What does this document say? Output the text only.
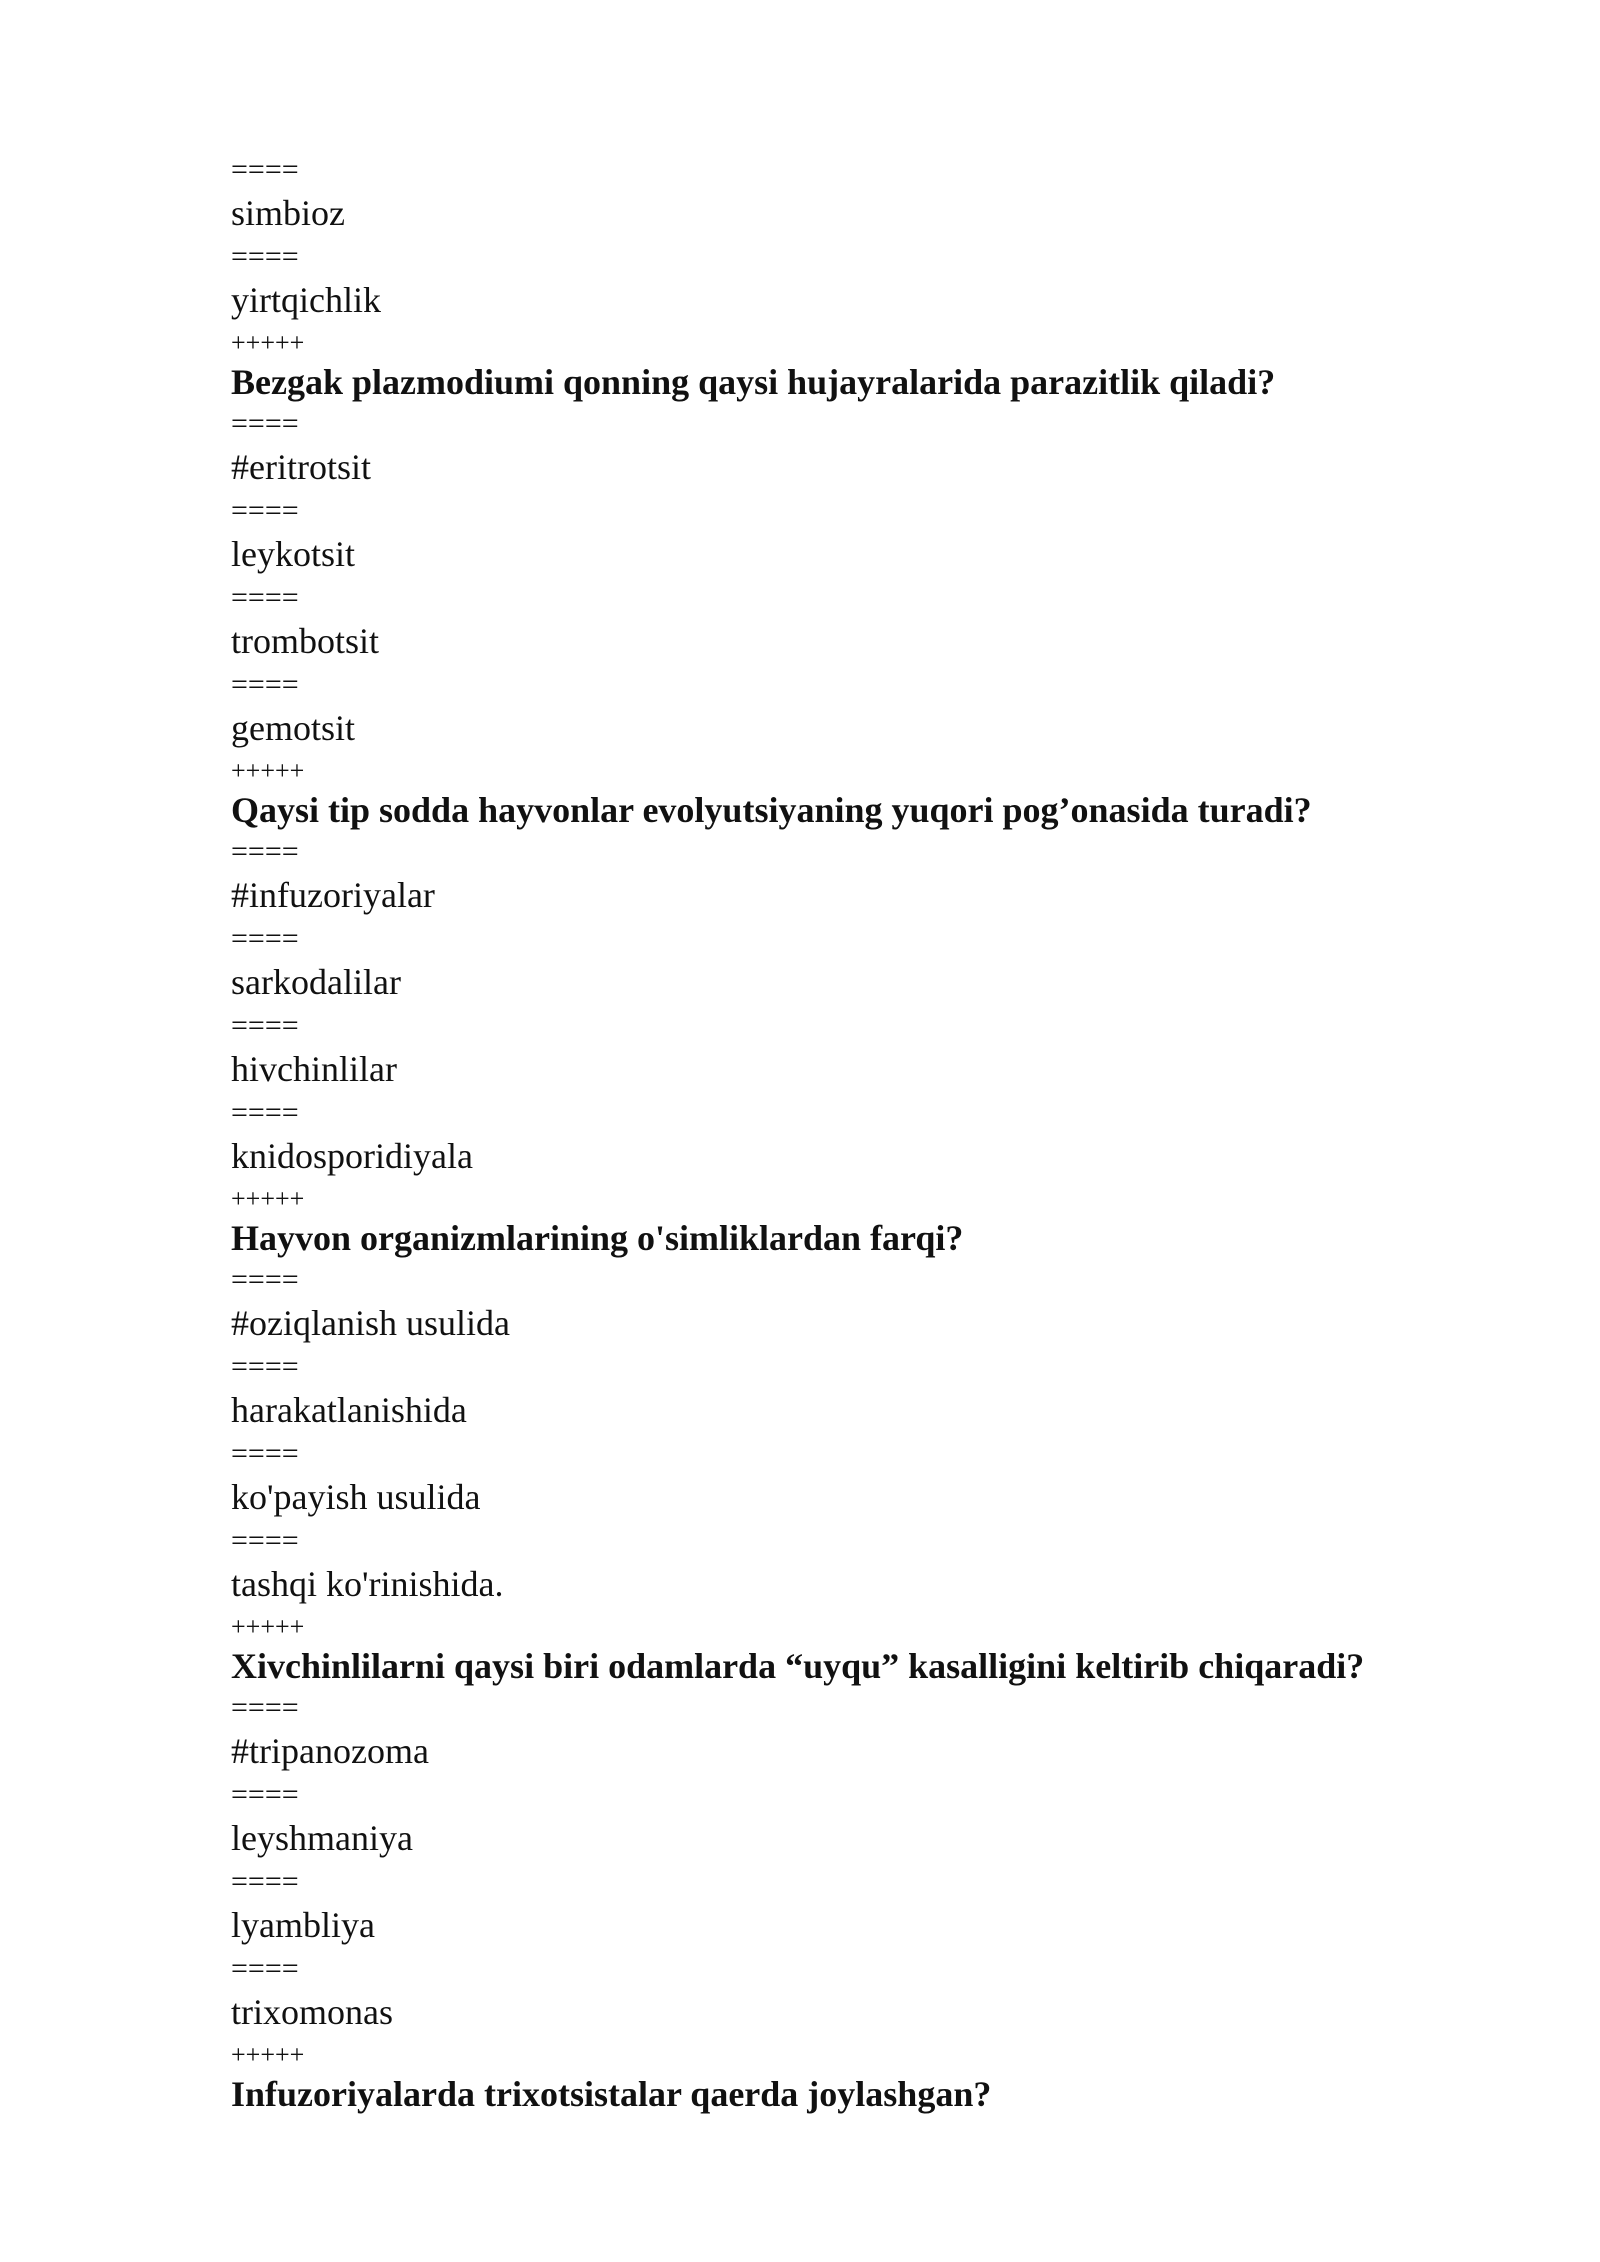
====
simbioz
====
yirtqichlik
+++++
Bezgak plazmodiumi qonning qaysi hujayralarida parazitlik qiladi?
====
#eritrotsit
====
leykotsit
====
trombotsit
====
gemotsit
+++++
Qaysi tip sodda hayvonlar evolyutsiyaning yuqori pog’onasida turadi?
====
#infuzoriyalar
====
sarkodalilar
====
hivchinlilar
====
knidosporidiyala
+++++
Hayvon organizmlarining o'simliklardan farqi?
====
#oziqlanish usulida
====
harakatlanishida
====
ko'payish usulida
====
tashqi ko'rinishida.
+++++
Xivchinlilarni qaysi biri odamlarda “uyqu” kasalligini keltirib chiqaradi?
====
#tripanozoma
====
leyshmaniya
====
lyambliya
====
trixomonas
+++++
Infuzoriyalarda trixotsistalar qaerda joylashgan?
